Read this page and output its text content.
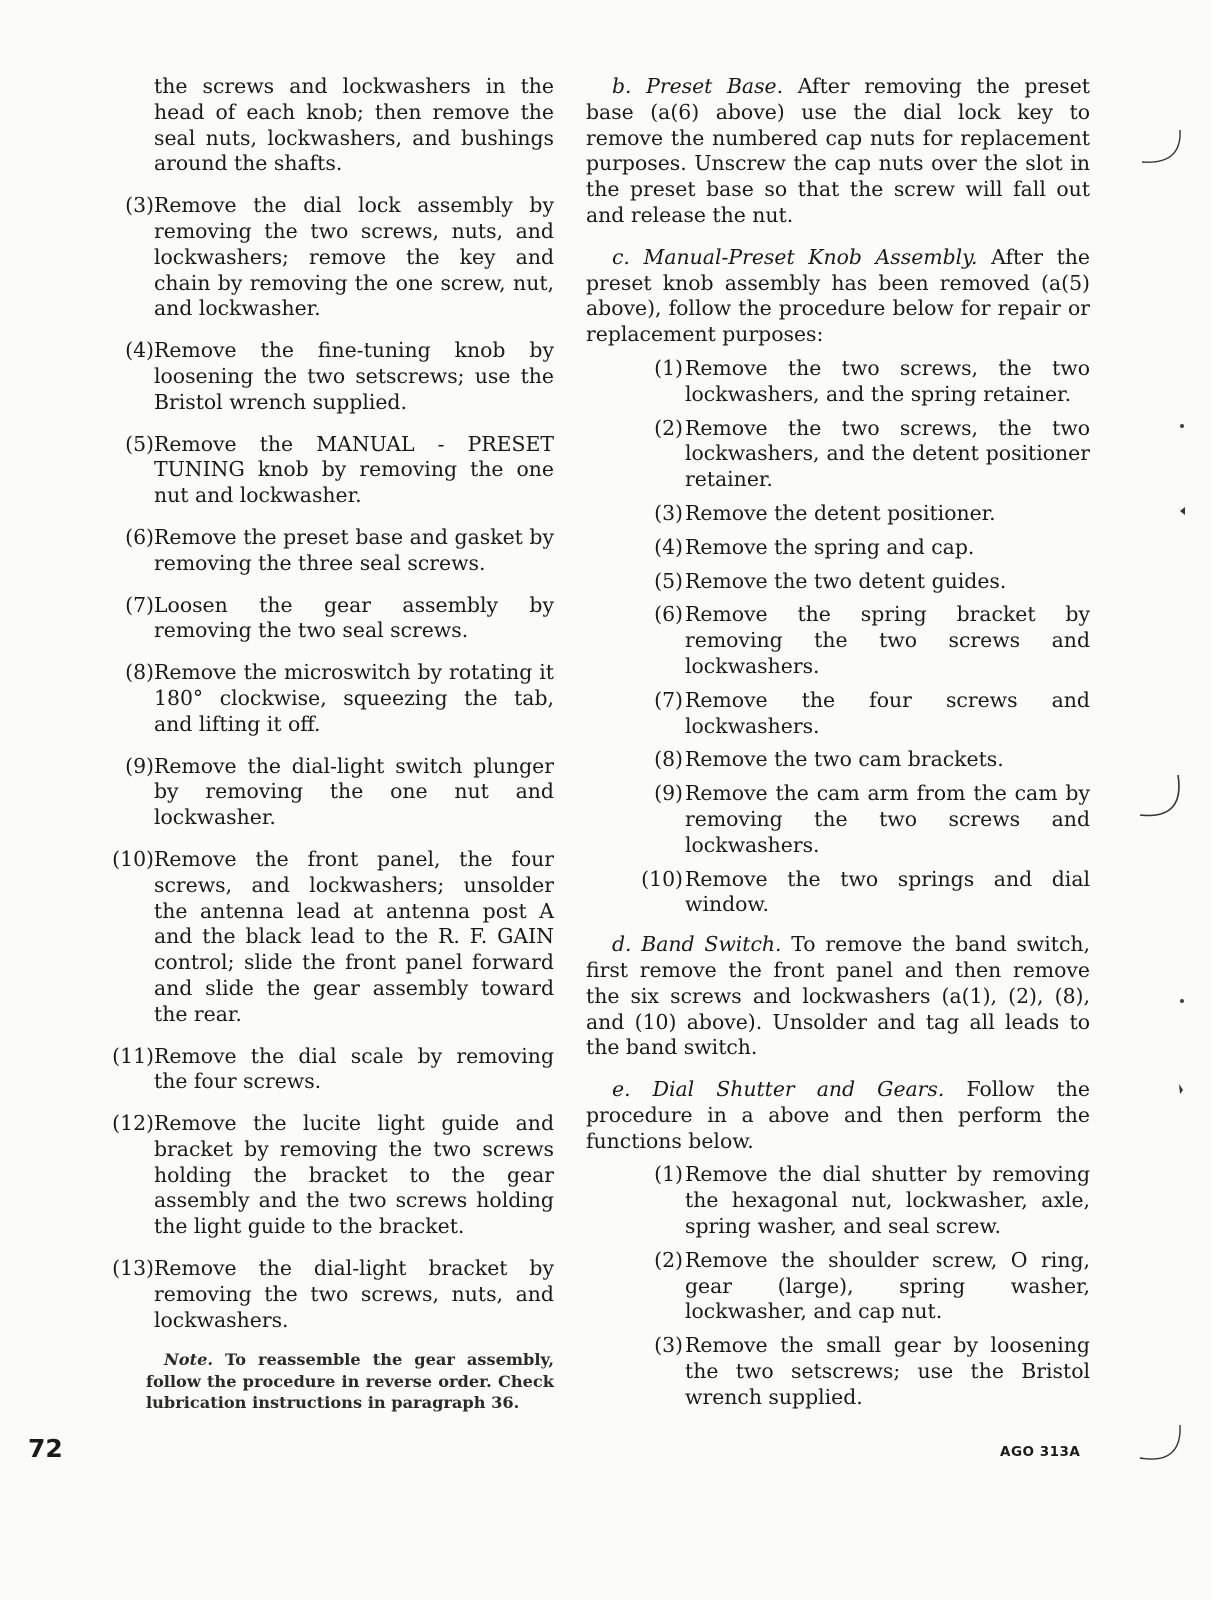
the screws and lockwashers in the head of each knob; then remove the seal nuts, lockwashers, and bushings around the shafts.
(3) Remove the dial lock assembly by removing the two screws, nuts, and lockwashers; remove the key and chain by removing the one screw, nut, and lockwasher.
(4) Remove the fine-tuning knob by loosening the two setscrews; use the Bristol wrench supplied.
(5) Remove the MANUAL - PRESET TUNING knob by removing the one nut and lockwasher.
(6) Remove the preset base and gasket by removing the three seal screws.
(7) Loosen the gear assembly by removing the two seal screws.
(8) Remove the microswitch by rotating it 180° clockwise, squeezing the tab, and lifting it off.
(9) Remove the dial-light switch plunger by removing the one nut and lockwasher.
(10) Remove the front panel, the four screws, and lockwashers; unsolder the antenna lead at antenna post A and the black lead to the R. F. GAIN control; slide the front panel forward and slide the gear assembly toward the rear.
(11) Remove the dial scale by removing the four screws.
(12) Remove the lucite light guide and bracket by removing the two screws holding the bracket to the gear assembly and the two screws holding the light guide to the bracket.
(13) Remove the dial-light bracket by removing the two screws, nuts, and lockwashers.
Note. To reassemble the gear assembly, follow the procedure in reverse order. Check lubrication instructions in paragraph 36.

b. Preset Base. After removing the preset base (a(6) above) use the dial lock key to remove the numbered cap nuts for replacement purposes. Unscrew the cap nuts over the slot in the preset base so that the screw will fall out and release the nut.

c. Manual-Preset Knob Assembly. After the preset knob assembly has been removed (a(5) above), follow the procedure below for repair or replacement purposes:

(1) Remove the two screws, the two lockwashers, and the spring retainer.
(2) Remove the two screws, the two lockwashers, and the detent positioner retainer.
(3) Remove the detent positioner.
(4) Remove the spring and cap.
(5) Remove the two detent guides.
(6) Remove the spring bracket by removing the two screws and lockwashers.
(7) Remove the four screws and lockwashers.
(8) Remove the two cam brackets.
(9) Remove the cam arm from the cam by removing the two screws and lockwashers.
(10) Remove the two springs and dial window.

d. Band Switch. To remove the band switch, first remove the front panel and then remove the six screws and lockwashers (a(1), (2), (8), and (10) above). Unsolder and tag all leads to the band switch.

e. Dial Shutter and Gears. Follow the procedure in a above and then perform the functions below.

(1) Remove the dial shutter by removing the hexagonal nut, lockwasher, axle, spring washer, and seal screw.
(2) Remove the shoulder screw, O ring, gear (large), spring washer, lockwasher, and cap nut.
(3) Remove the small gear by loosening the two setscrews; use the Bristol wrench supplied.
72	AGO 313A
